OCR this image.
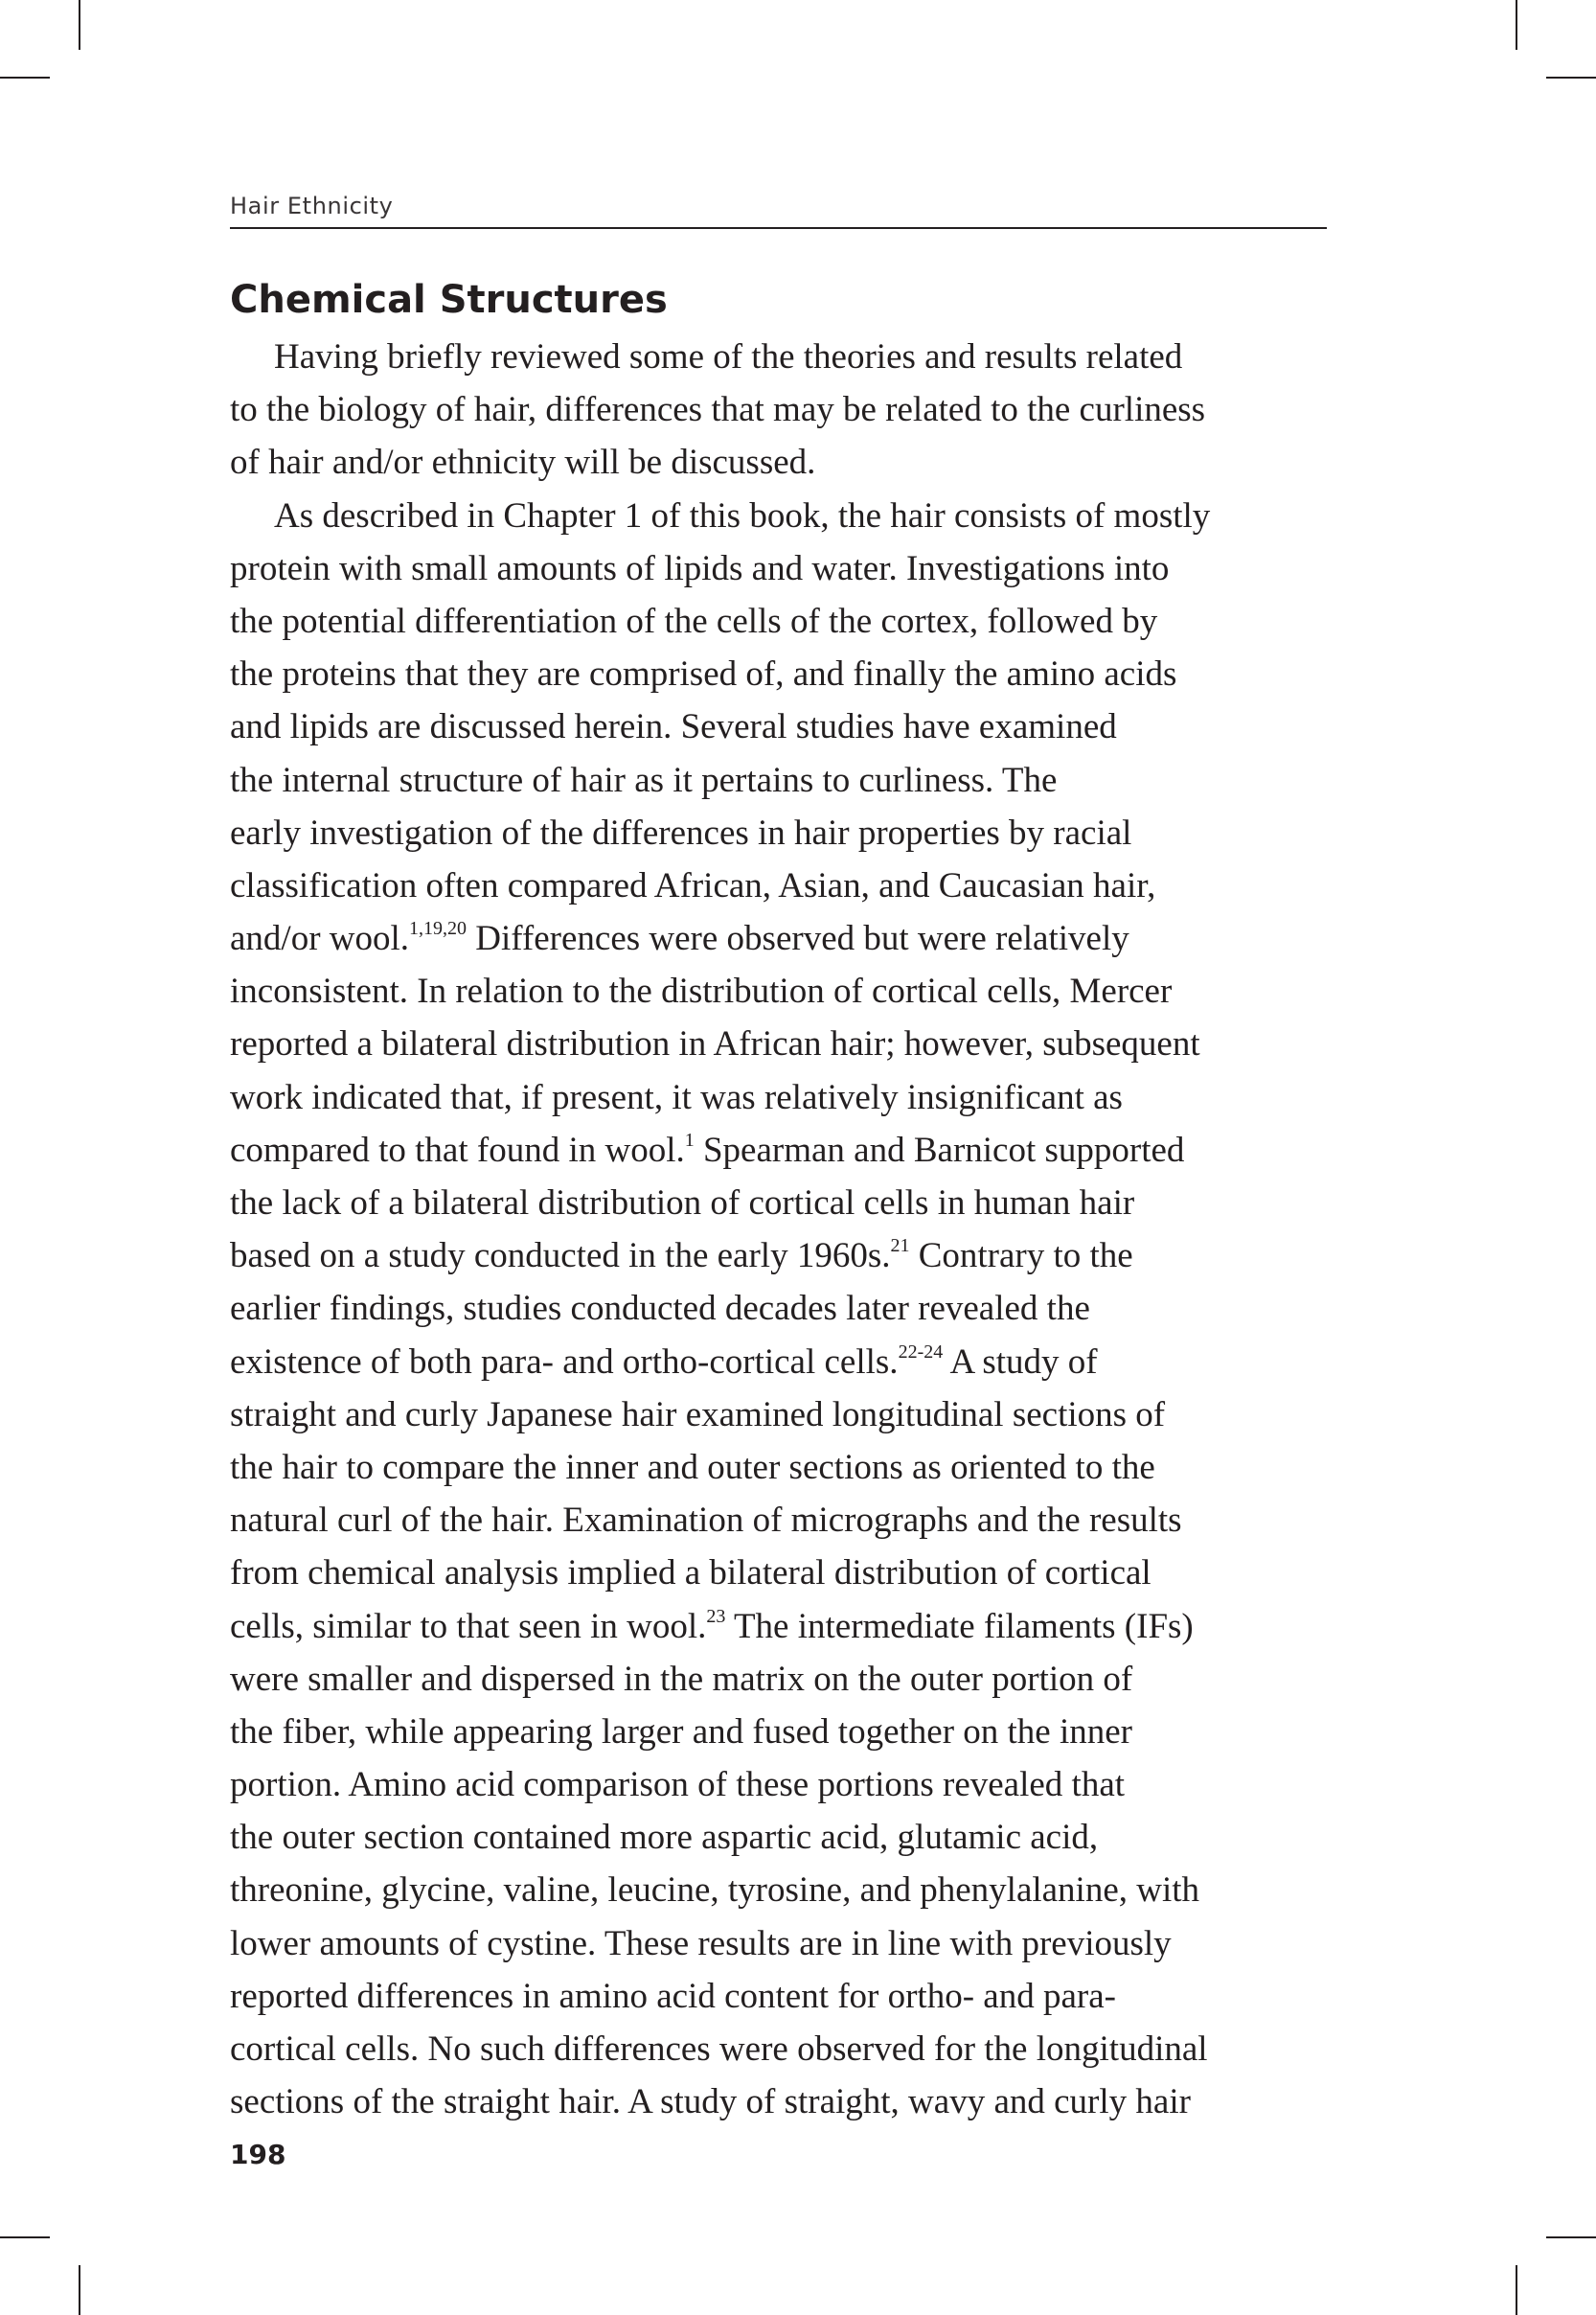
Hair Ethnicity
Chemical Structures
Having briefly reviewed some of the theories and results related
to the biology of hair, differences that may be related to the curliness
of hair and/or ethnicity will be discussed.
As described in Chapter 1 of this book, the hair consists of mostly
protein with small amounts of lipids and water. Investigations into
the potential differentiation of the cells of the cortex, followed by
the proteins that they are comprised of, and finally the amino acids
and lipids are discussed herein. Several studies have examined
the internal structure of hair as it pertains to curliness. The
early investigation of the differences in hair properties by racial
classification often compared African, Asian, and Caucasian hair,
and/or wool.$^{1,19,20}$ Differences were observed but were relatively
inconsistent. In relation to the distribution of cortical cells, Mercer
reported a bilateral distribution in African hair; however, subsequent
work indicated that, if present, it was relatively insignificant as
compared to that found in wool.$^1$ Spearman and Barnicot supported
the lack of a bilateral distribution of cortical cells in human hair
based on a study conducted in the early 1960s.$^{21}$ Contrary to the
earlier findings, studies conducted decades later revealed the
existence of both para- and ortho-cortical cells.$^{22-24}$ A study of
straight and curly Japanese hair examined longitudinal sections of
the hair to compare the inner and outer sections as oriented to the
natural curl of the hair. Examination of micrographs and the results
from chemical analysis implied a bilateral distribution of cortical
cells, similar to that seen in wool.$^{23}$ The intermediate filaments (IFs)
were smaller and dispersed in the matrix on the outer portion of
the fiber, while appearing larger and fused together on the inner
portion. Amino acid comparison of these portions revealed that
the outer section contained more aspartic acid, glutamic acid,
threonine, glycine, valine, leucine, tyrosine, and phenylalanine, with
lower amounts of cystine. These results are in line with previously
reported differences in amino acid content for ortho- and para-
cortical cells. No such differences were observed for the longitudinal
sections of the straight hair. A study of straight, wavy and curly hair
198
